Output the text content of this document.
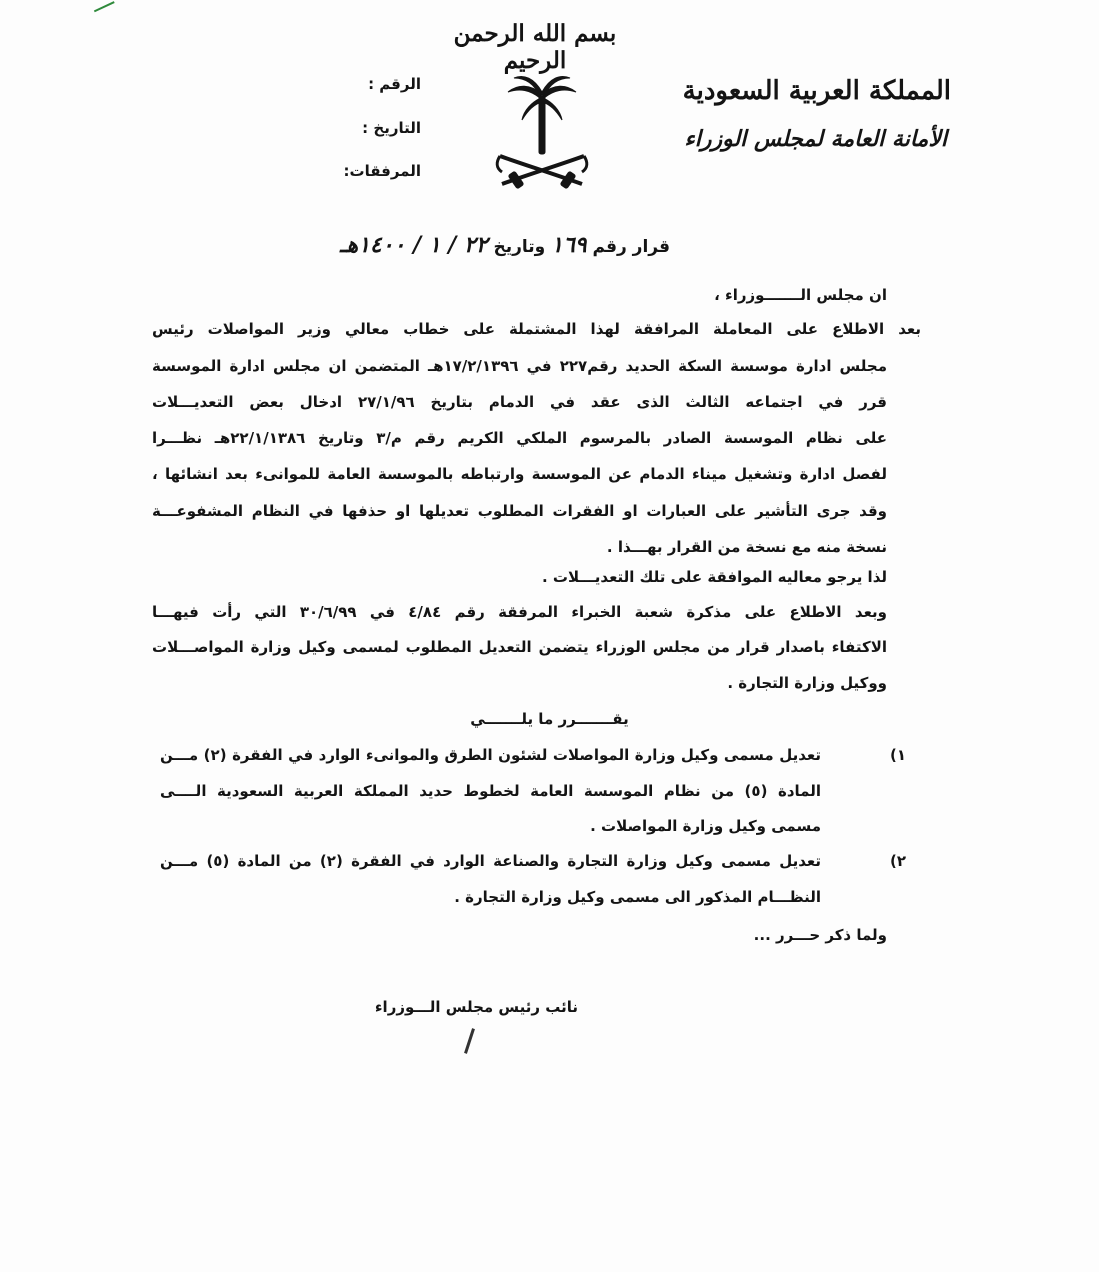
بسم الله الرحمن الرحيم
المملكة العربية السعودية
الأمانة العامة لمجلس الوزراء
الرقم :
التاريخ :
المرفقات:
قرار رقم ١٦٩ وتاريخ ٢٢ / ١ / ١٤٠٠هـ
ان مجلس الـــــــوزراء ،
بعد الاطلاع على المعاملة المرافقة لهذا المشتملة على خطاب معالي وزير المواصلات رئيس
مجلس ادارة موسسة السكة الحديد رقم٢٢٧ في ١٧/٢/١٣٩٦هـ المتضمن ان مجلس ادارة الموسسة
قرر في اجتماعه الثالث الذى عقد في الدمام بتاريخ ٢٧/١/٩٦ ادخال بعض التعديـــلات
على نظام الموسسة الصادر بالمرسوم الملكي الكريم رقم م/٣ وتاريخ ٢٢/١/١٣٨٦هـ نظـــرا
لفصل ادارة وتشغيل ميناء الدمام عن الموسسة وارتباطه بالموسسة العامة للموانىء بعد انشائها ،
وقد جرى التأشير على العبارات او الفقرات المطلوب تعديلها او حذفها في النظام المشفوعـــة
نسخة منه مع نسخة من القرار بهـــذا .
لذا يرجو معاليه الموافقة على تلك التعديـــلات .
وبعد الاطلاع على مذكرة شعبة الخبراء المرفقة رقم ٤/٨٤ في ٣٠/٦/٩٩ التي رأت فيهـــا
الاكتفاء باصدار قرار من مجلس الوزراء يتضمن التعديل المطلوب لمسمى وكيل وزارة المواصـــلات
ووكيل وزارة التجارة .
يقـــــــرر ما يلـــــــي
١)
تعديل مسمى وكيل وزارة المواصلات لشئون الطرق والموانىء الوارد في الفقرة (٢) مـــن
المادة (٥) من نظام الموسسة العامة لخطوط حديد المملكة العربية السعودية الــــى
مسمى وكيل وزارة المواصلات .
٢)
تعديل مسمى وكيل وزارة التجارة والصناعة الوارد في الفقرة (٢) من المادة (٥) مـــن
النظـــام المذكور الى مسمى وكيل وزارة التجارة .
ولما ذكر حـــرر ...
نائب رئيس مجلس الـــوزراء
